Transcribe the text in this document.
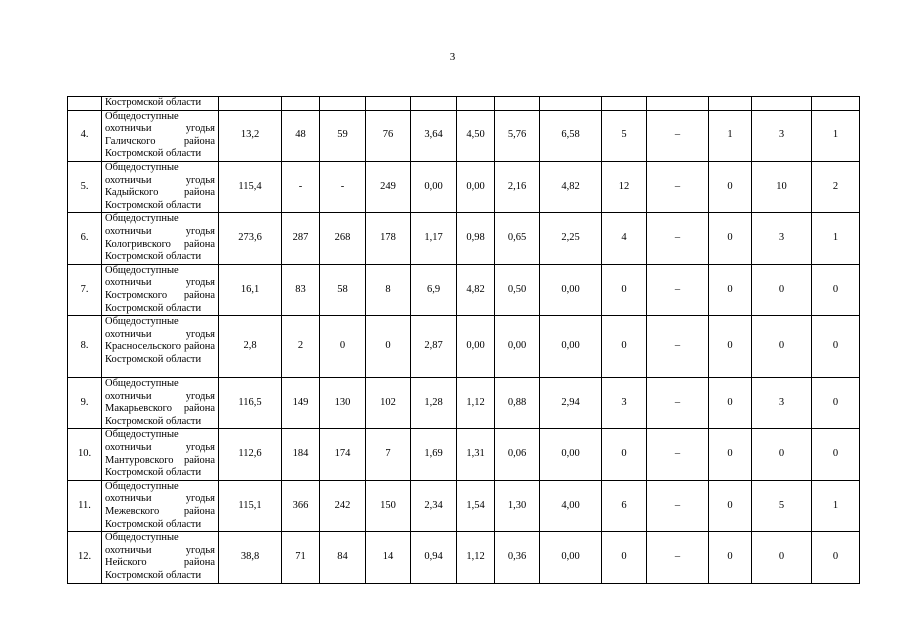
3
	Костромской области													
4.	Общедоступные охотничьи угодья Галичского района Костромской области	13,2	48	59	76	3,64	4,50	5,76	6,58	5	–	1	3	1
5.	Общедоступные охотничьи угодья Кадыйского района Костромской области	115,4	-	-	249	0,00	0,00	2,16	4,82	12	–	0	10	2
6.	Общедоступные охотничьи угодья Кологривского района Костромской области	273,6	287	268	178	1,17	0,98	0,65	2,25	4	–	0	3	1
7.	Общедоступные охотничьи угодья Костромского района Костромской области	16,1	83	58	8	6,9	4,82	0,50	0,00	0	–	0	0	0
8.	Общедоступные охотничьи угодья Красносельского района Костромской области	2,8	2	0	0	2,87	0,00	0,00	0,00	0	–	0	0	0
9.	Общедоступные охотничьи угодья Макарьевского района Костромской области	116,5	149	130	102	1,28	1,12	0,88	2,94	3	–	0	3	0
10.	Общедоступные охотничьи угодья Мантуровского района Костромской области	112,6	184	174	7	1,69	1,31	0,06	0,00	0	–	0	0	0
11.	Общедоступные охотничьи угодья Межевского района Костромской области	115,1	366	242	150	2,34	1,54	1,30	4,00	6	–	0	5	1
12.	Общедоступные охотничьи угодья Нейского района Костромской области	38,8	71	84	14	0,94	1,12	0,36	0,00	0	–	0	0	0
